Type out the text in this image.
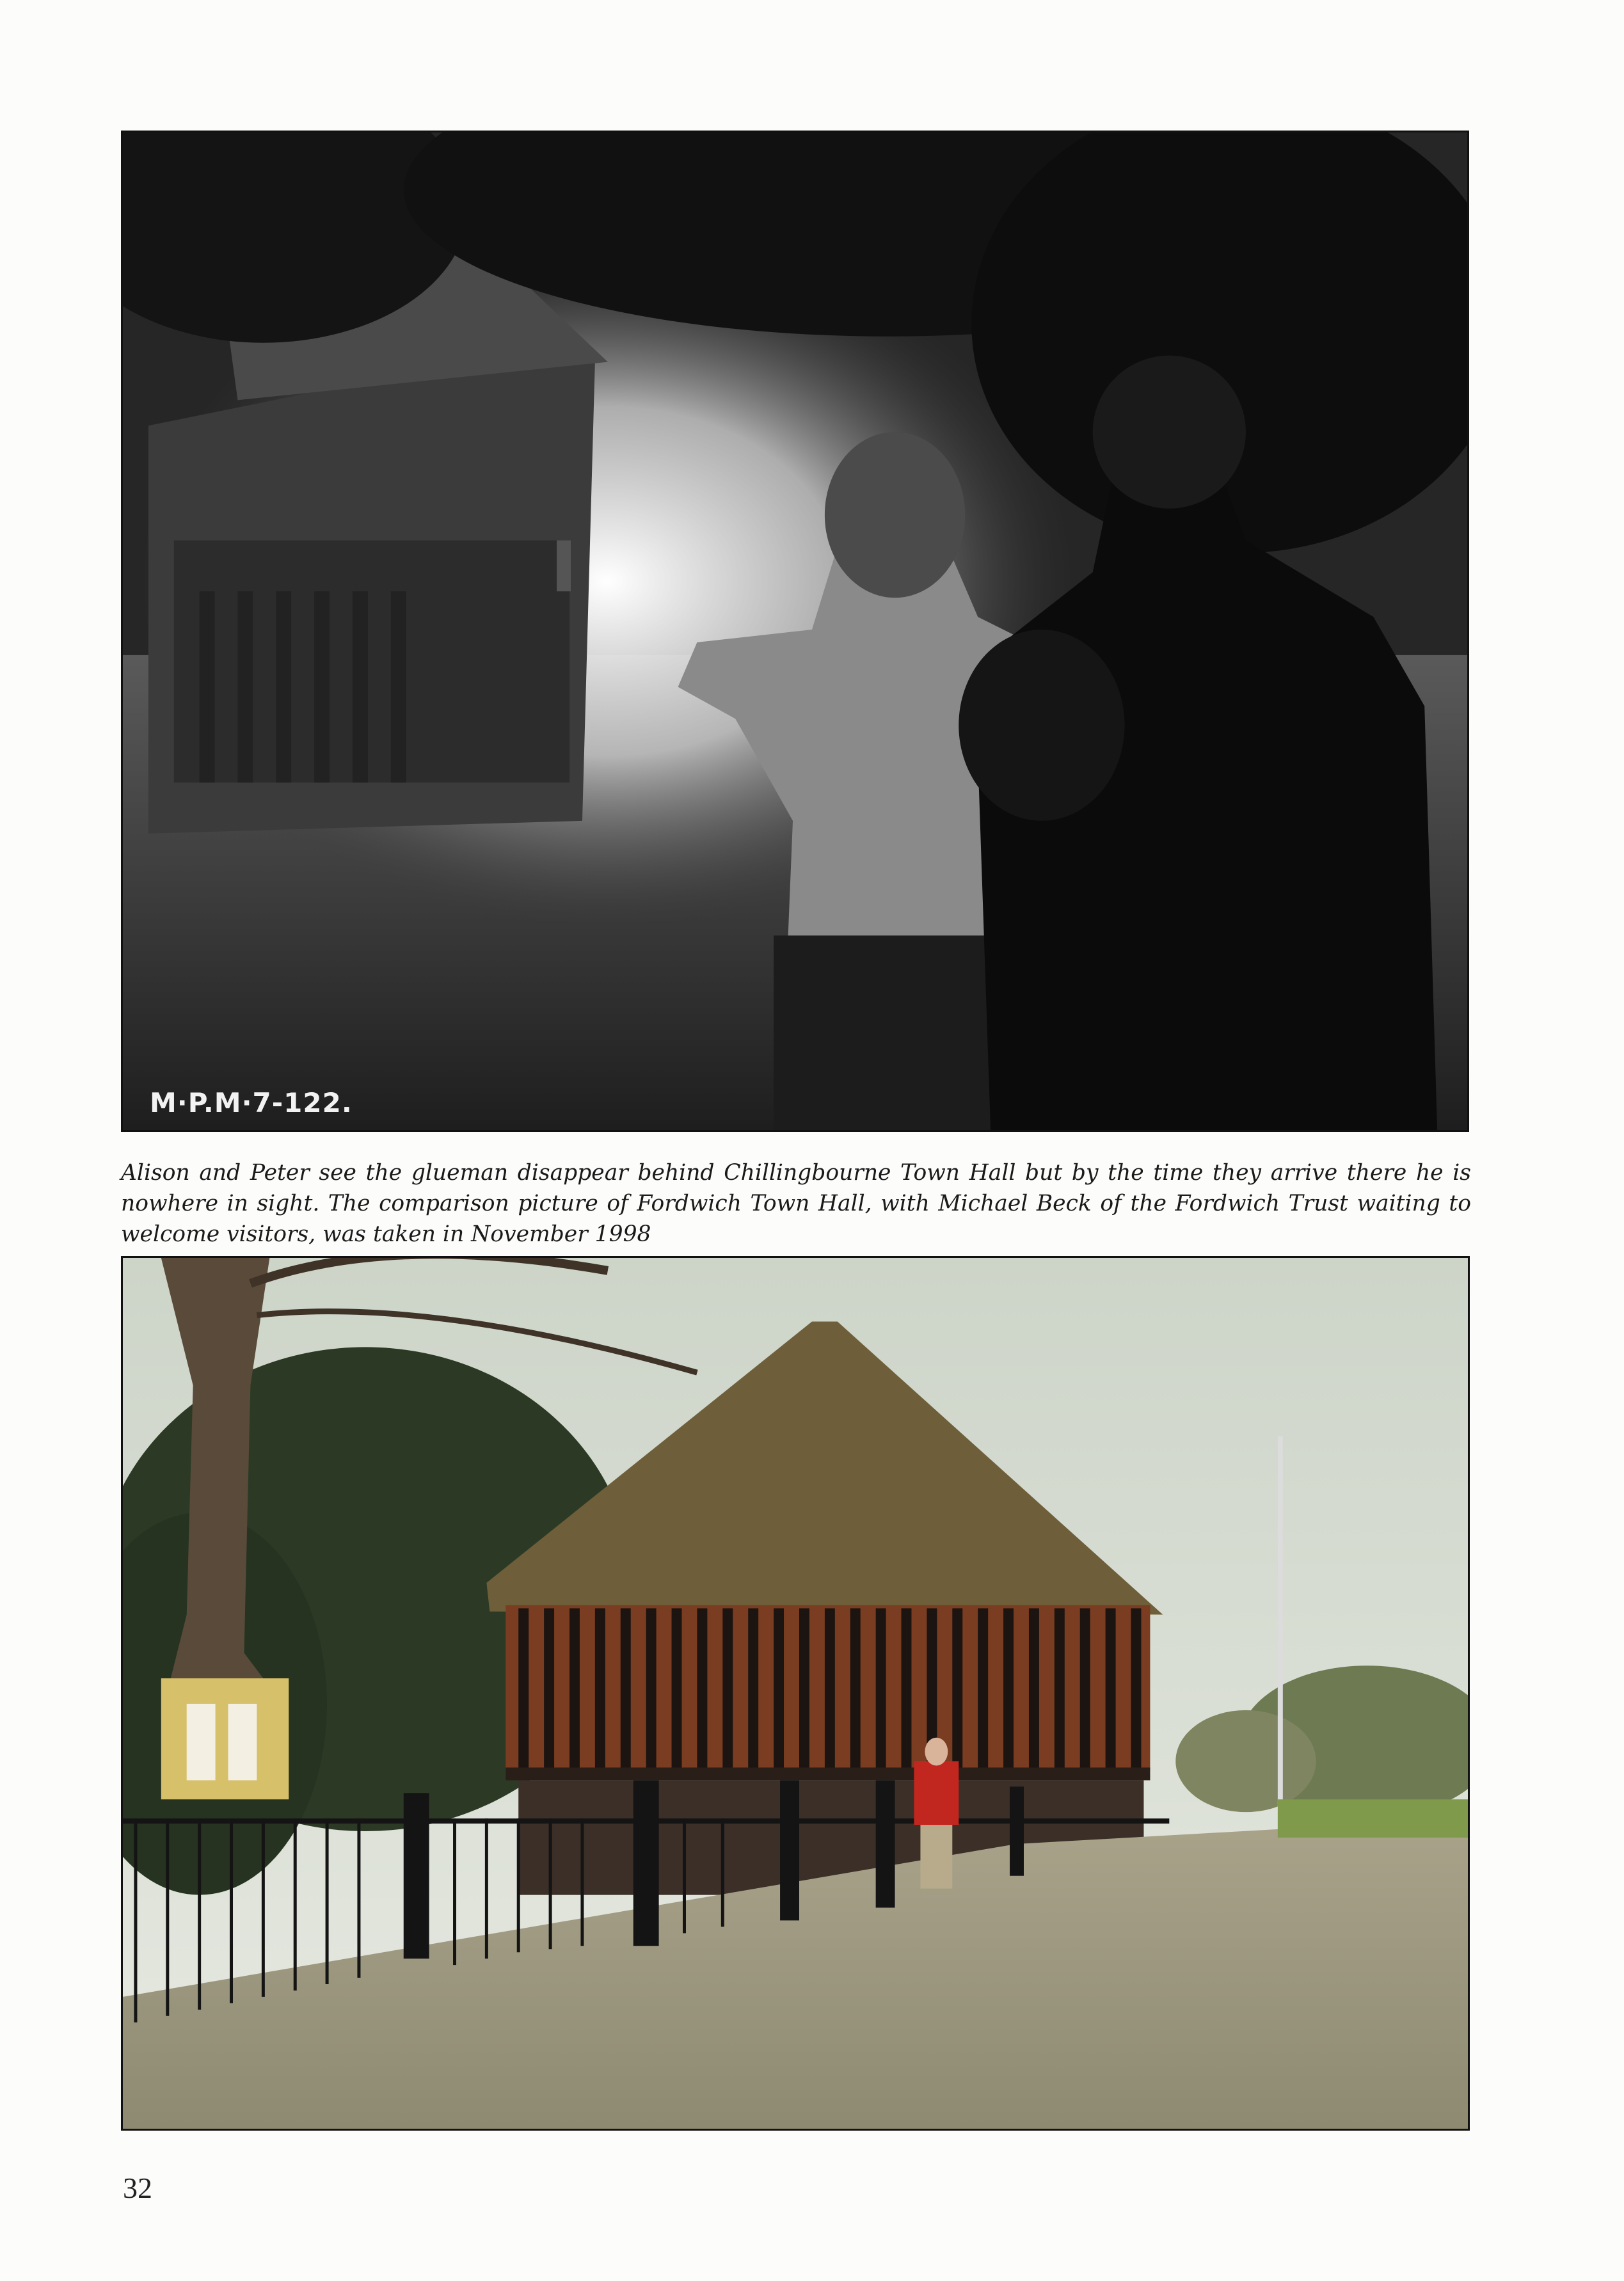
M·P.M·7-122.

Alison and Peter see the glueman disappear behind Chillingbourne Town Hall but by the time they arrive there he is nowhere in sight. The comparison picture of Fordwich Town Hall, with Michael Beck of the Fordwich Trust waiting to welcome visitors, was taken in November 1998

32
